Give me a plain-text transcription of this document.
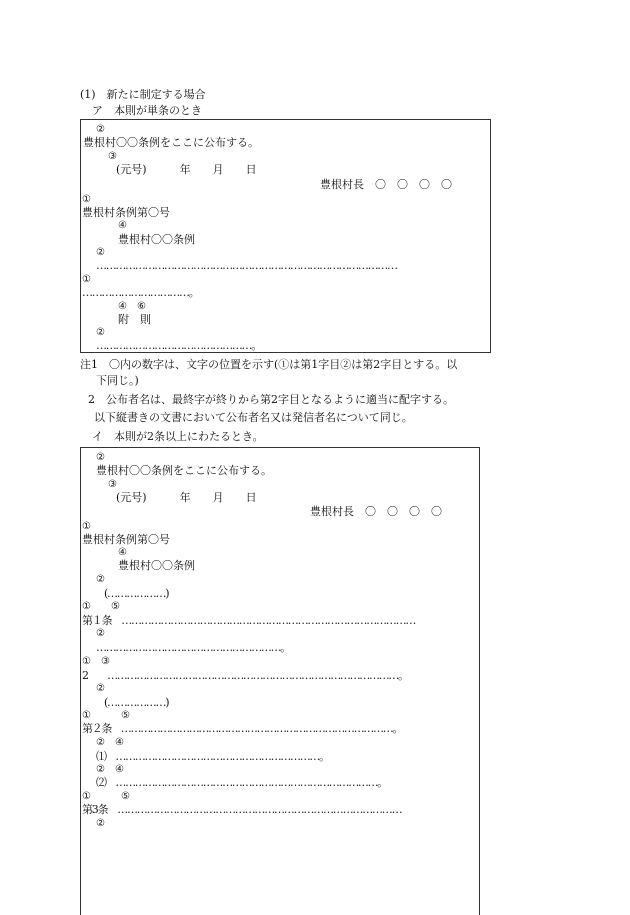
(1)　新たに制定する場合
ア　本則が単条のとき
②
豊根村〇〇条例をここに公布する。
③
(元号)　　　年　　月　　日
豊根村長　〇　〇　〇　〇
①
豊根村条例第〇号
④
豊根村〇〇条例
②
…………………………………………………………………………………
①
……………………………。
④　⑥
附　則
②
…………………………………………。
注1　〇内の数字は、文字の位置を示す(①は第1字目②は第2字目とする。以
下同じ。)
2　公布者名は、最終字が終りから第2字目となるように適当に配字する。
以下縦書きの文書において公布者名又は発信者名について同じ。
イ　本則が2条以上にわたるとき。
②
豊根村〇〇条例をここに公布する。
③
(元号)　　　年　　月　　日
豊根村長　〇　〇　〇　〇
①
豊根村条例第〇号
④
豊根村〇〇条例
②
(………………)
①　　⑤
第１条　………………………………………………………………………………
②
…………………………………………………。
①　③
2　　………………………………………………………………………………。
②
(………………)
①　　　⑤
第２条　…………………………………………………………………………。
②　④
⑴　………………………………………………………。
②　④
⑵　………………………………………………………………………。
①　　　⑤
第3条　……………………………………………………………………………
②
